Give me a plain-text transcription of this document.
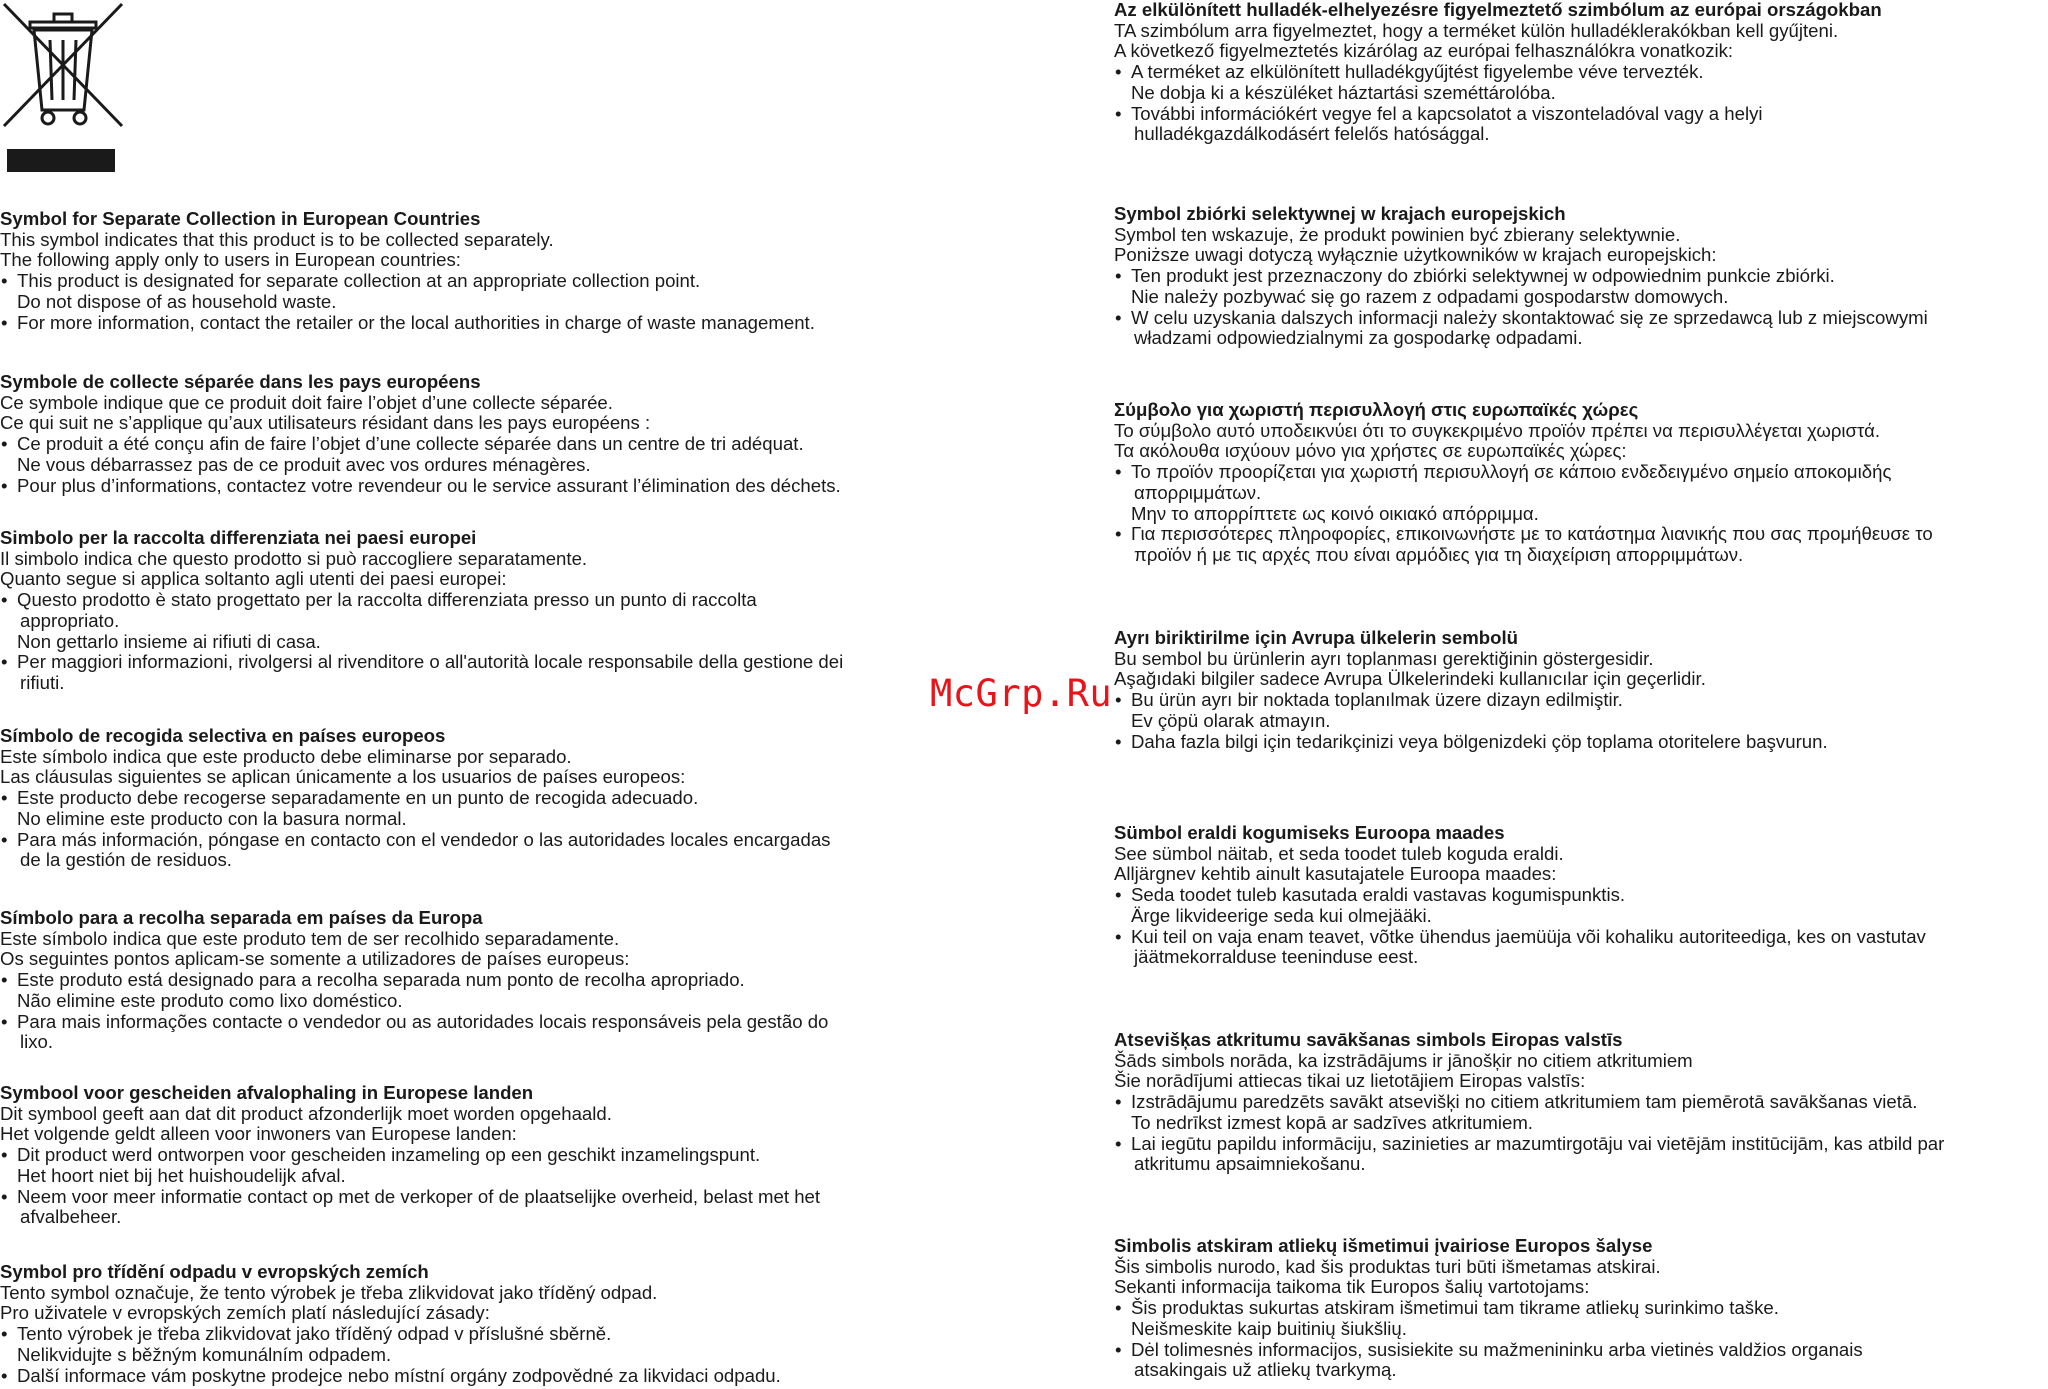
Symbol for Separate Collection in European Countries

This symbol indicates that this product is to be collected separately.

The following apply only to users in European countries:

• This product is designated for separate collection at an appropriate collection point.

Do not dispose of as household waste.

• For more information, contact the retailer or the local authorities in charge of waste management.

Symbole de collecte séparée dans les pays européens

Ce symbole indique que ce produit doit faire l’objet d’une collecte séparée.

Ce qui suit ne s’applique qu’aux utilisateurs résidant dans les pays européens :

• Ce produit a été conçu afin de faire l’objet d’une collecte séparée dans un centre de tri adéquat.

Ne vous débarrassez pas de ce produit avec vos ordures ménagères.

• Pour plus d’informations, contactez votre revendeur ou le service assurant l’élimination des déchets.

Simbolo per la raccolta differenziata nei paesi europei

Il simbolo indica che questo prodotto si può raccogliere separatamente.

Quanto segue si applica soltanto agli utenti dei paesi europei:

• Questo prodotto è stato progettato per la raccolta differenziata presso un punto di raccolta

appropriato.

Non gettarlo insieme ai rifiuti di casa.

• Per maggiori informazioni, rivolgersi al rivenditore o all'autorità locale responsabile della gestione dei

rifiuti.

Símbolo de recogida selectiva en países europeos

Este símbolo indica que este producto debe eliminarse por separado.

Las cláusulas siguientes se aplican únicamente a los usuarios de países europeos:

• Este producto debe recogerse separadamente en un punto de recogida adecuado.

No elimine este producto con la basura normal.

• Para más información, póngase en contacto con el vendedor o las autoridades locales encargadas

de la gestión de residuos.

Símbolo para a recolha separada em países da Europa

Este símbolo indica que este produto tem de ser recolhido separadamente.

Os seguintes pontos aplicam-se somente a utilizadores de países europeus:

• Este produto está designado para a recolha separada num ponto de recolha apropriado.

Não elimine este produto como lixo doméstico.

• Para mais informações contacte o vendedor ou as autoridades locais responsáveis pela gestão do

lixo.

Symbool voor gescheiden afvalophaling in Europese landen

Dit symbool geeft aan dat dit product afzonderlijk moet worden opgehaald.

Het volgende geldt alleen voor inwoners van Europese landen:

• Dit product werd ontworpen voor gescheiden inzameling op een geschikt inzamelingspunt.

Het hoort niet bij het huishoudelijk afval.

• Neem voor meer informatie contact op met de verkoper of de plaatselijke overheid, belast met het

afvalbeheer.

Symbol pro třídění odpadu v evropských zemích

Tento symbol označuje, že tento výrobek je třeba zlikvidovat jako tříděný odpad.

Pro uživatele v evropských zemích platí následující zásady:

• Tento výrobek je třeba zlikvidovat jako tříděný odpad v příslušné sběrně.

Nelikvidujte s běžným komunálním odpadem.

• Další informace vám poskytne prodejce nebo místní orgány zodpovědné za likvidaci odpadu.

Az elkülönített hulladék-elhelyezésre figyelmeztető szimbólum az európai országokban

TA szimbólum arra figyelmeztet, hogy a terméket külön hulladéklerakókban kell gyűjteni.

A következő figyelmeztetés kizárólag az európai felhasználókra vonatkozik:

• A terméket az elkülönített hulladékgyűjtést figyelembe véve tervezték.

Ne dobja ki a készüléket háztartási szeméttárolóba.

• További információkért vegye fel a kapcsolatot a viszonteladóval vagy a helyi

hulladékgazdálkodásért felelős hatósággal.

Symbol zbiórki selektywnej w krajach europejskich

Symbol ten wskazuje, że produkt powinien być zbierany selektywnie.

Poniższe uwagi dotyczą wyłącznie użytkowników w krajach europejskich:

• Ten produkt jest przeznaczony do zbiórki selektywnej w odpowiednim punkcie zbiórki.

Nie należy pozbywać się go razem z odpadami gospodarstw domowych.

• W celu uzyskania dalszych informacji należy skontaktować się ze sprzedawcą lub z miejscowymi

władzami odpowiedzialnymi za gospodarkę odpadami.

Σύμβολο για χωριστή περισυλλογή στις ευρωπαϊκές χώρες

Το σύμβολο αυτό υποδεικνύει ότι το συγκεκριμένο προϊόν πρέπει να περισυλλέγεται χωριστά.

Τα ακόλουθα ισχύουν μόνο για χρήστες σε ευρωπαϊκές χώρες:

• Το προϊόν προορίζεται για χωριστή περισυλλογή σε κάποιο ενδεδειγμένο σημείο αποκομιδής

απορριμμάτων.

Μην το απορρίπτετε ως κοινό οικιακό απόρριμμα.

• Για περισσότερες πληροφορίες, επικοινωνήστε με το κατάστημα λιανικής που σας προμήθευσε το

προϊόν ή με τις αρχές που είναι αρμόδιες για τη διαχείριση απορριμμάτων.

Ayrı biriktirilme için Avrupa ülkelerin sembolü

Bu sembol bu ürünlerin ayrı toplanması gerektiğinin göstergesidir.

Aşağıdaki bilgiler sadece Avrupa Ülkelerindeki kullanıcılar için geçerlidir.

• Bu ürün ayrı bir noktada toplanılmak üzere dizayn edilmiştir.

Ev çöpü olarak atmayın.

• Daha fazla bilgi için tedarikçinizi veya bölgenizdeki çöp toplama otoritelere başvurun.

Sümbol eraldi kogumiseks Euroopa maades

See sümbol näitab, et seda toodet tuleb koguda eraldi.

Alljärgnev kehtib ainult kasutajatele Euroopa maades:

• Seda toodet tuleb kasutada eraldi vastavas kogumispunktis.

Ärge likvideerige seda kui olmejääki.

• Kui teil on vaja enam teavet, võtke ühendus jaemüüja või kohaliku autoriteediga, kes on vastutav

jäätmekorralduse teeninduse eest.

Atsevišķas atkritumu savākšanas simbols Eiropas valstīs

Šāds simbols norāda, ka izstrādājums ir jānošķir no citiem atkritumiem

Šie norādījumi attiecas tikai uz lietotājiem Eiropas valstīs:

• Izstrādājumu paredzēts savākt atsevišķi no citiem atkritumiem tam piemērotā savākšanas vietā.

To nedrīkst izmest kopā ar sadzīves atkritumiem.

• Lai iegūtu papildu informāciju, sazinieties ar mazumtirgotāju vai vietējām institūcijām, kas atbild par

atkritumu apsaimniekošanu.

Simbolis atskiram atliekų išmetimui įvairiose Europos šalyse

Šis simbolis nurodo, kad šis produktas turi būti išmetamas atskirai.

Sekanti informacija taikoma tik Europos šalių vartotojams:

• Šis produktas sukurtas atskiram išmetimui tam tikrame atliekų surinkimo taške.

Neišmeskite kaip buitinių šiukšlių.

• Dėl tolimesnės informacijos, susisiekite su mažmenininku arba vietinės valdžios organais

atsakingais už atliekų tvarkymą.

McGrp.Ru
